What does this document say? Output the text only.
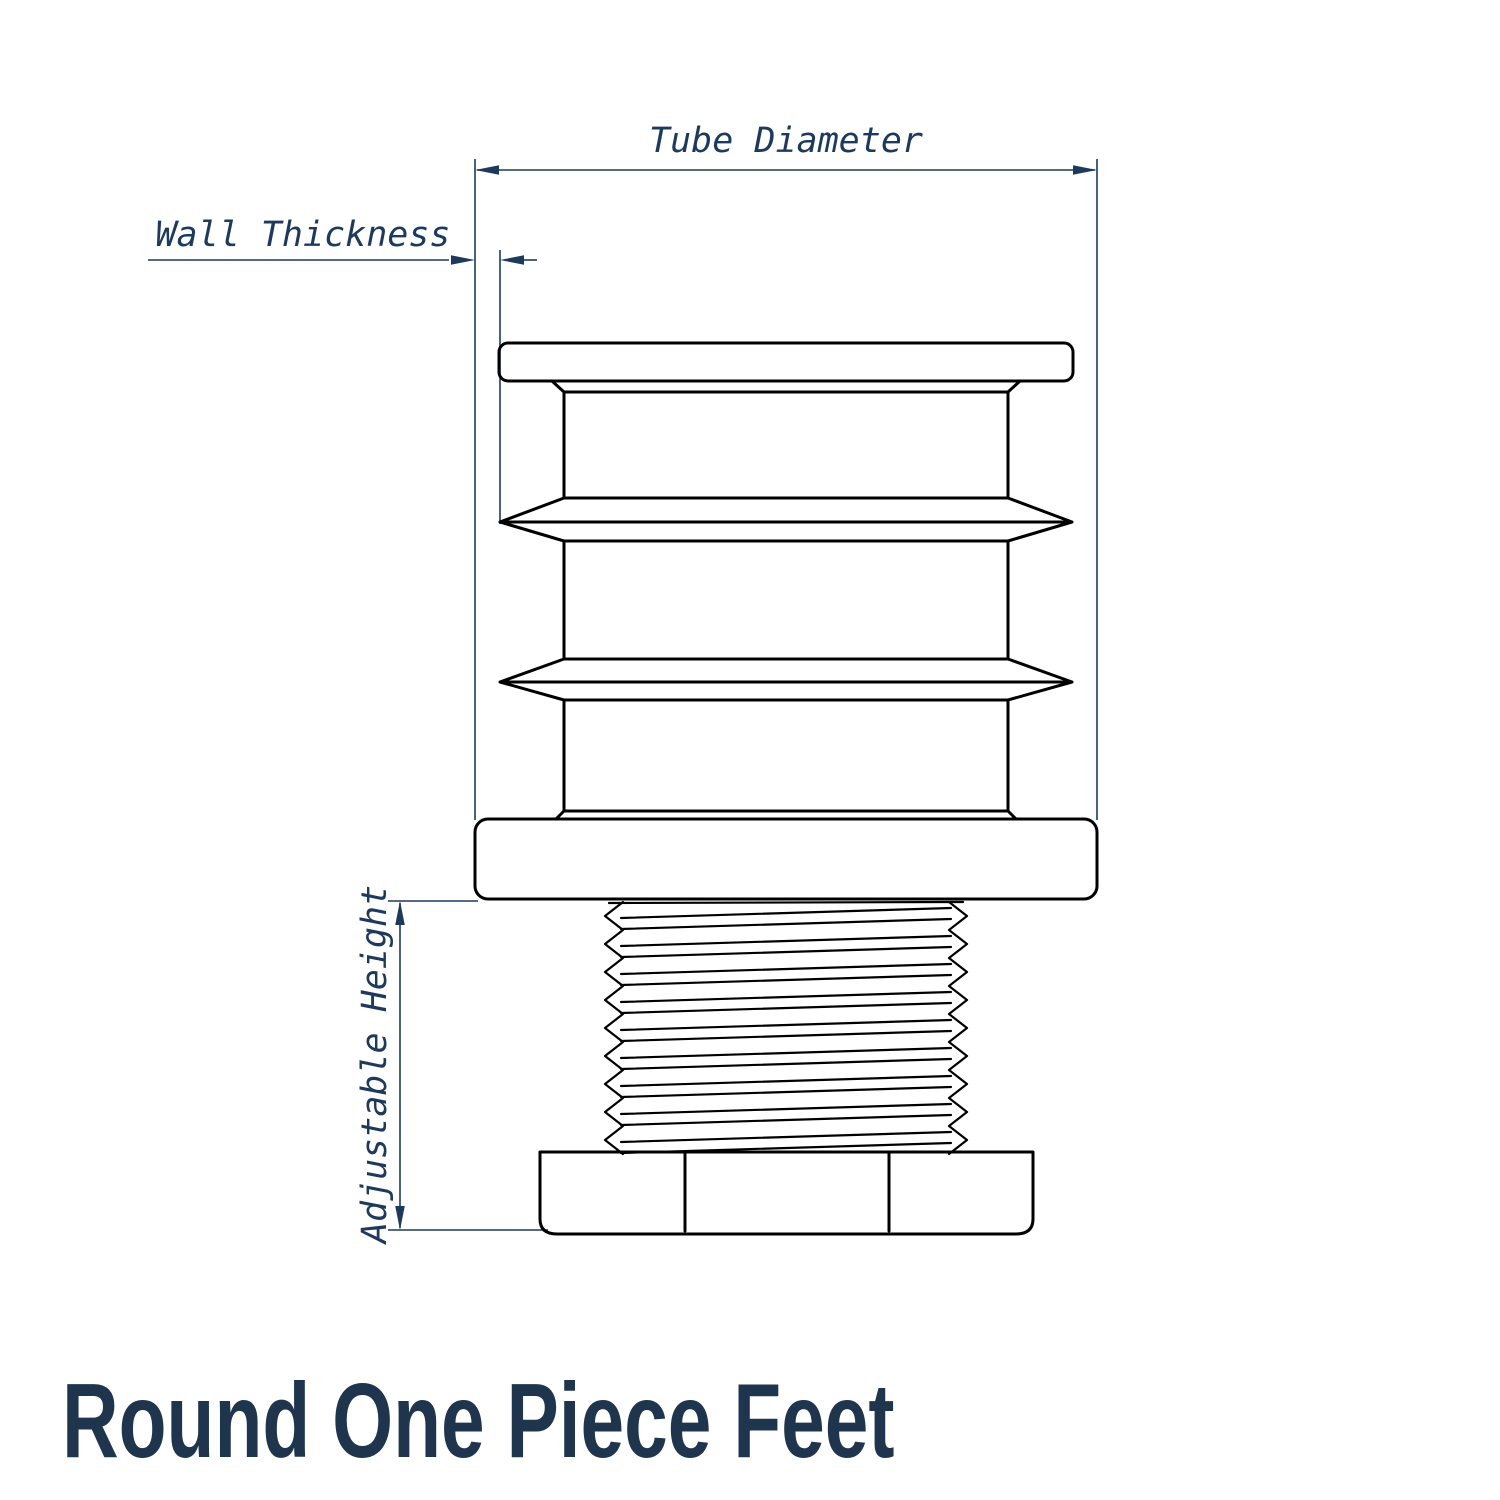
Tube Diameter
Wall Thickness
Adjustable Height
Round One Piece Feet
